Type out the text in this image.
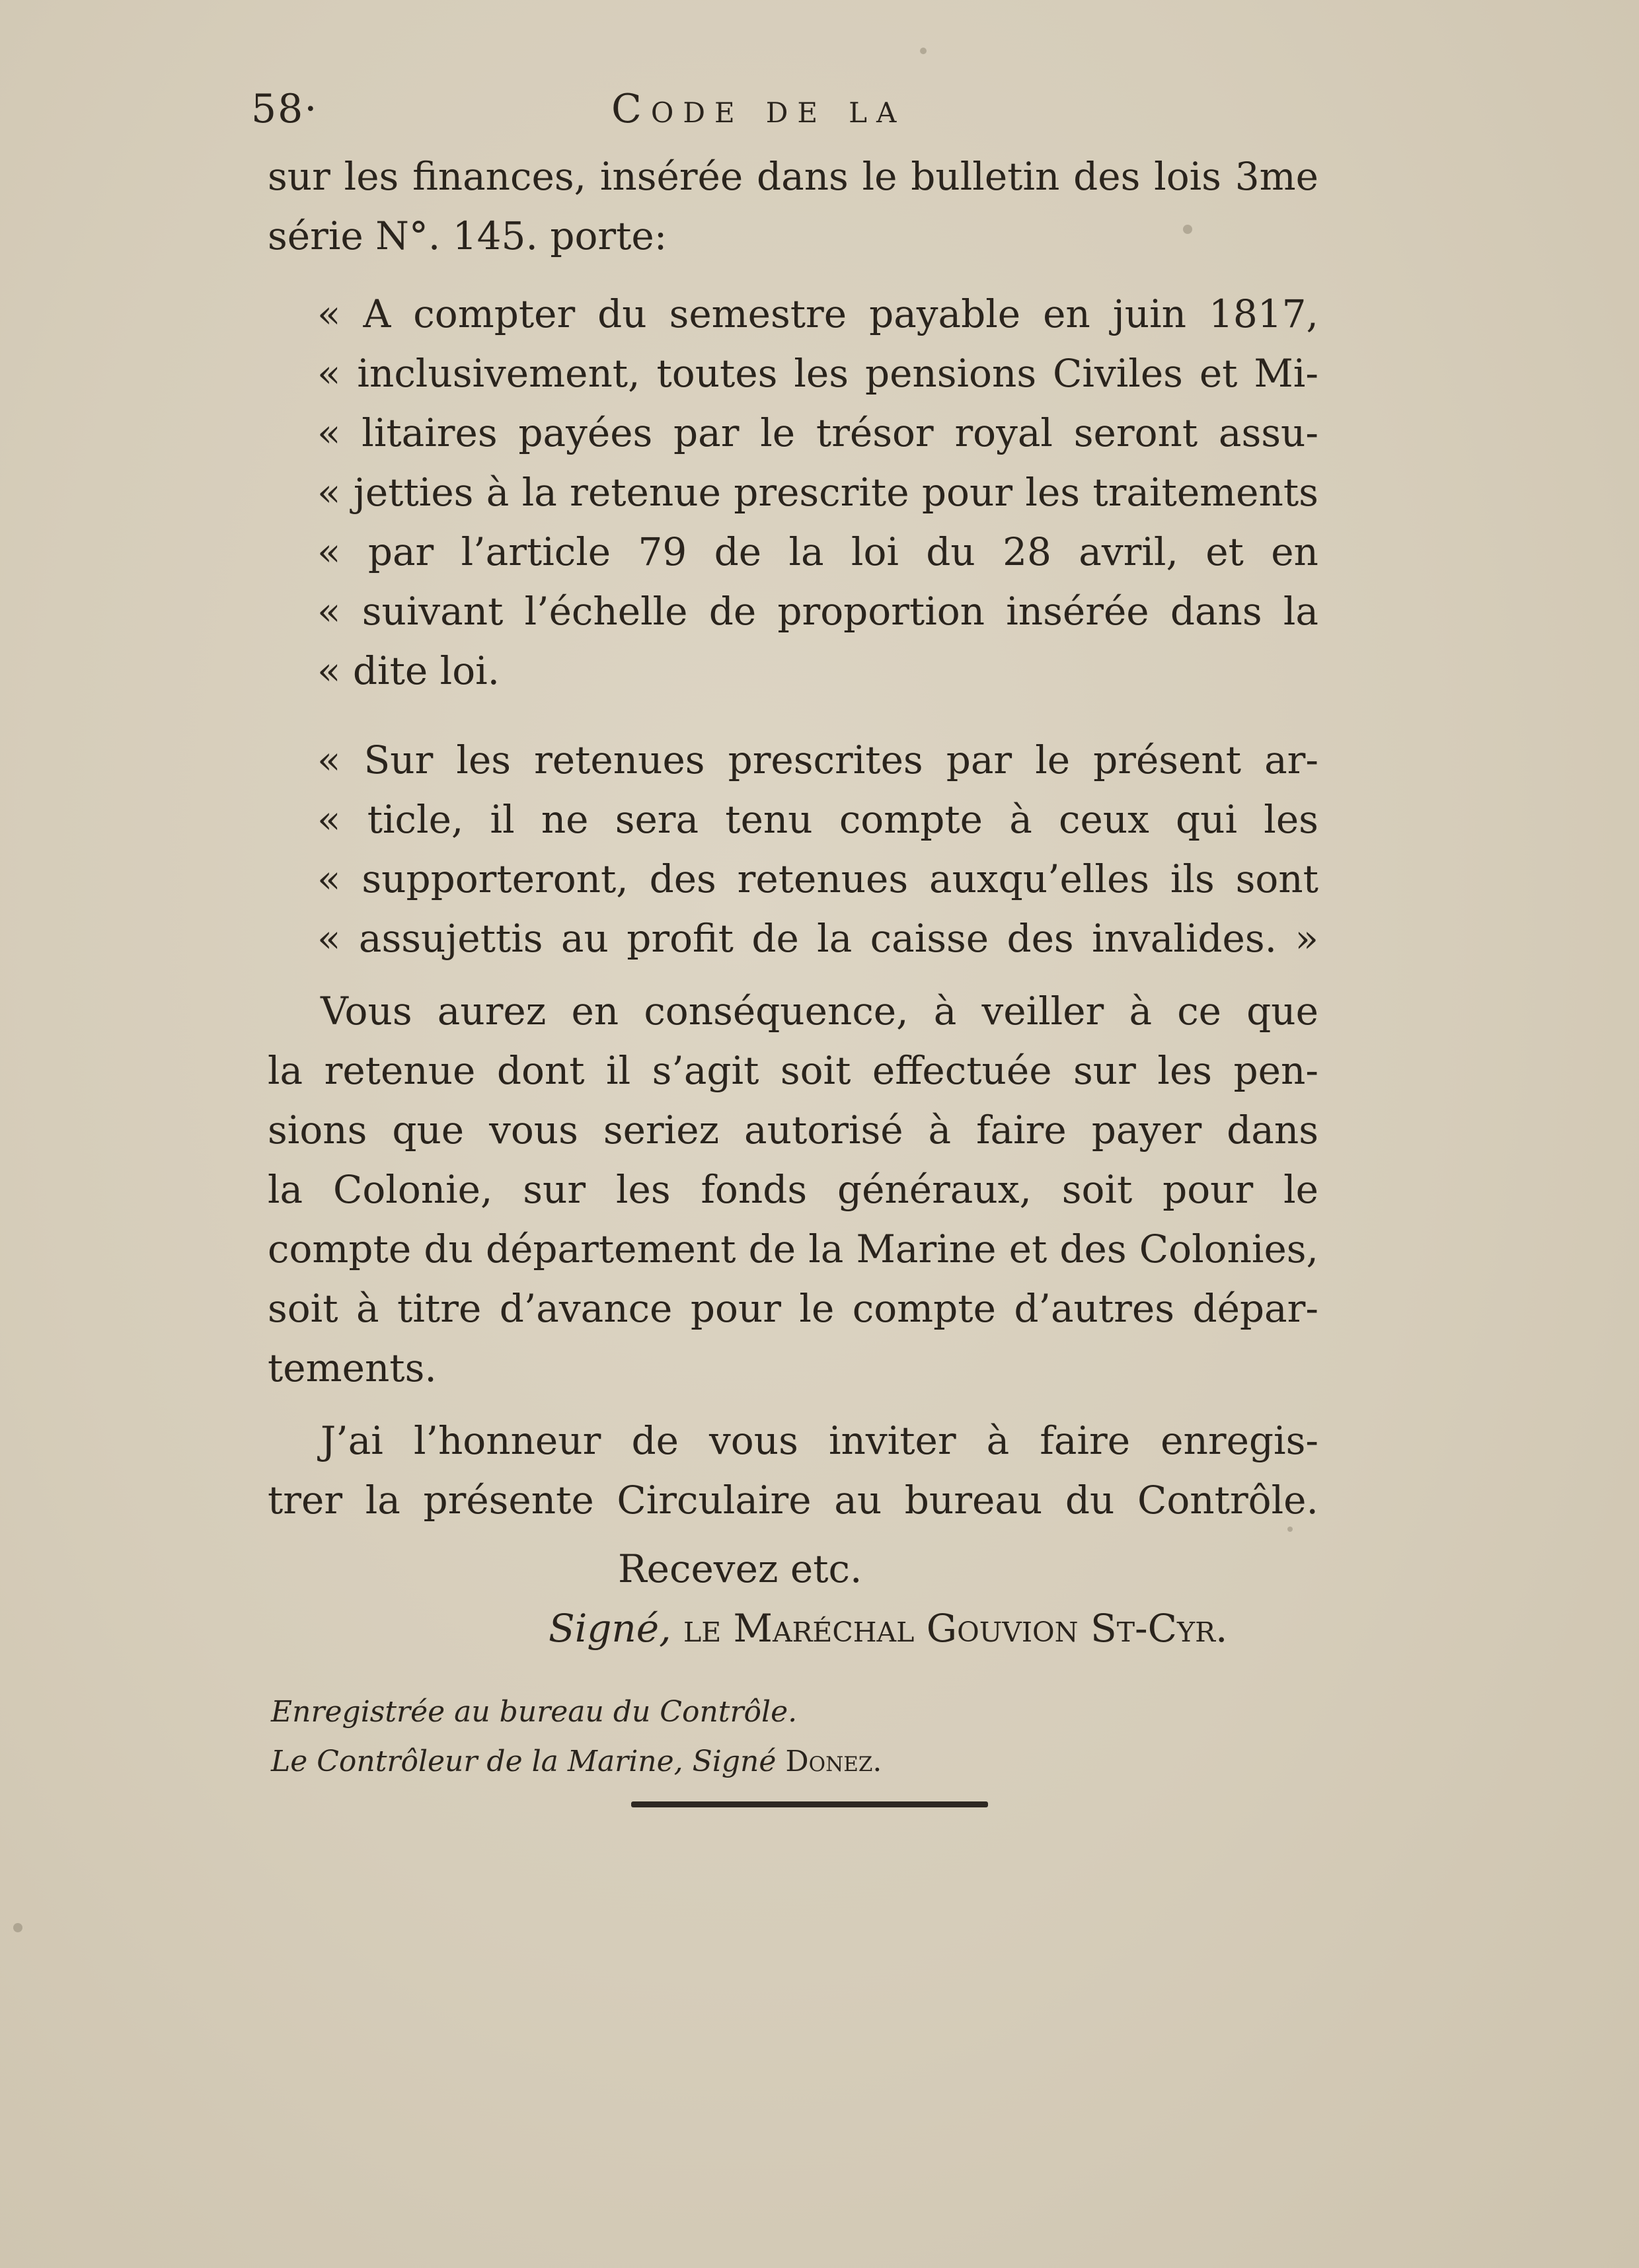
58·	Code de la
sur les finances, insérée dans le bulletin des lois 3me
série N°. 145. porte:
« A compter du semestre payable en juin 1817,
« inclusivement, toutes les pensions Civiles et Mi-
« litaires payées par le trésor royal seront assu-
« jetties à la retenue prescrite pour les traitements
« par l’article 79 de la loi du 28 avril, et en
« suivant l’échelle de proportion insérée dans la
« dite loi.
« Sur les retenues prescrites par le présent ar-
« ticle, il ne sera tenu compte à ceux qui les
« supporteront, des retenues auxqu’elles ils sont
« assujettis au profit de la caisse des invalides. »
Vous aurez en conséquence, à veiller à ce que
la retenue dont il s’agit soit effectuée sur les pen-
sions que vous seriez autorisé à faire payer dans
la Colonie, sur les fonds généraux, soit pour le
compte du département de la Marine et des Colonies,
soit à titre d’avance pour le compte d’autres dépar-
tements.
J’ai l’honneur de vous inviter à faire enregis-
trer la présente Circulaire au bureau du Contrôle.
Recevez etc.
Signé, le Maréchal Gouvion St-Cyr.
Enregistrée au bureau du Contrôle.
Le Contrôleur de la Marine, Signé Donez.
